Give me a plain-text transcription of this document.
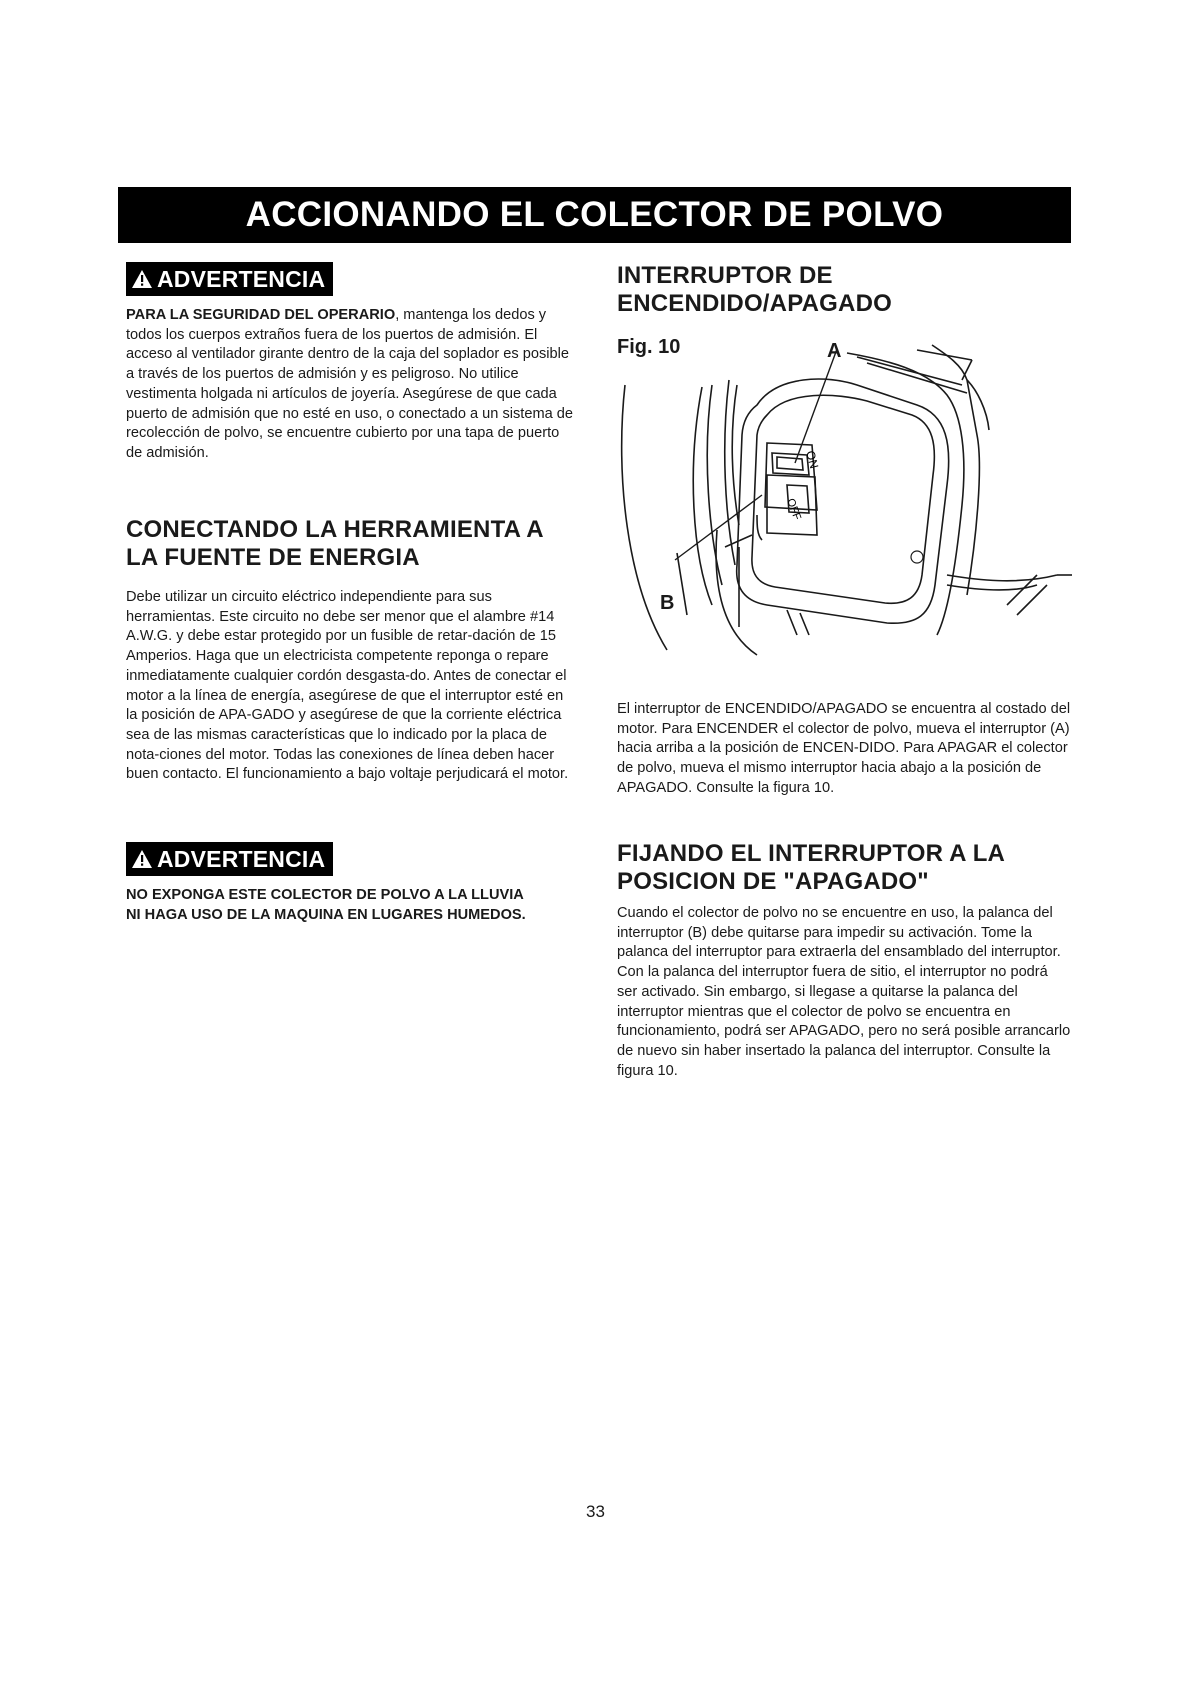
ACCIONANDO EL COLECTOR DE POLVO
ADVERTENCIA

PARA LA SEGURIDAD DEL OPERARIO, mantenga los dedos y todos los cuerpos extraños fuera de los puertos de admisión. El acceso al ventilador girante dentro de la caja del soplador es posible a través de los puertos de admisión y es peligroso. No utilice vestimenta holgada ni artículos de joyería. Asegúrese de que cada puerto de admisión que no esté en uso, o conectado a un sistema de recolección de polvo, se encuentre cubierto por una tapa de puerto de admisión.

CONECTANDO LA HERRAMIENTA A
LA FUENTE DE ENERGIA

Debe utilizar un circuito eléctrico independiente para sus herramientas. Este circuito no debe ser menor que el alambre #14 A.W.G. y debe estar protegido por un fusible de retar-dación de 15 Amperios. Haga que un electricista competente reponga o repare inmediatamente cualquier cordón desgasta-do. Antes de conectar el motor a la línea de energía, asegúrese de que el interruptor esté en la posición de APA-GADO y asegúrese de que la corriente eléctrica sea de las mismas características que lo indicado por la placa de nota-ciones del motor. Todas las conexiones de línea deben hacer buen contacto. El funcionamiento a bajo voltaje perjudicará el motor.

ADVERTENCIA

NO EXPONGA ESTE COLECTOR DE POLVO A LA LLUVIA

NI HAGA USO DE LA MAQUINA EN LUGARES HUMEDOS.

INTERRUPTOR DE
ENCENDIDO/APAGADO
Fig. 10	A
B
ON
OFF

El interruptor de ENCENDIDO/APAGADO se encuentra al costado del motor. Para ENCENDER el colector de polvo, mueva el interruptor (A) hacia arriba a la posición de ENCEN-DIDO. Para APAGAR el colector de polvo, mueva el mismo interruptor hacia abajo a la posición de APAGADO. Consulte la figura 10.

FIJANDO EL INTERRUPTOR A LA
POSICION DE "APAGADO"

Cuando el colector de polvo no se encuentre en uso, la palanca del interruptor (B) debe quitarse para impedir su activación. Tome la palanca del interruptor para extraerla del ensamblado del interruptor. Con la palanca del interruptor fuera de sitio, el interruptor no podrá ser activado. Sin embargo, si llegase a quitarse la palanca del interruptor mientras que el colector de polvo se encuentra en funcionamiento, podrá ser APAGADO, pero no será posible arrancarlo de nuevo sin haber insertado la palanca del interruptor. Consulte la figura 10.

33
